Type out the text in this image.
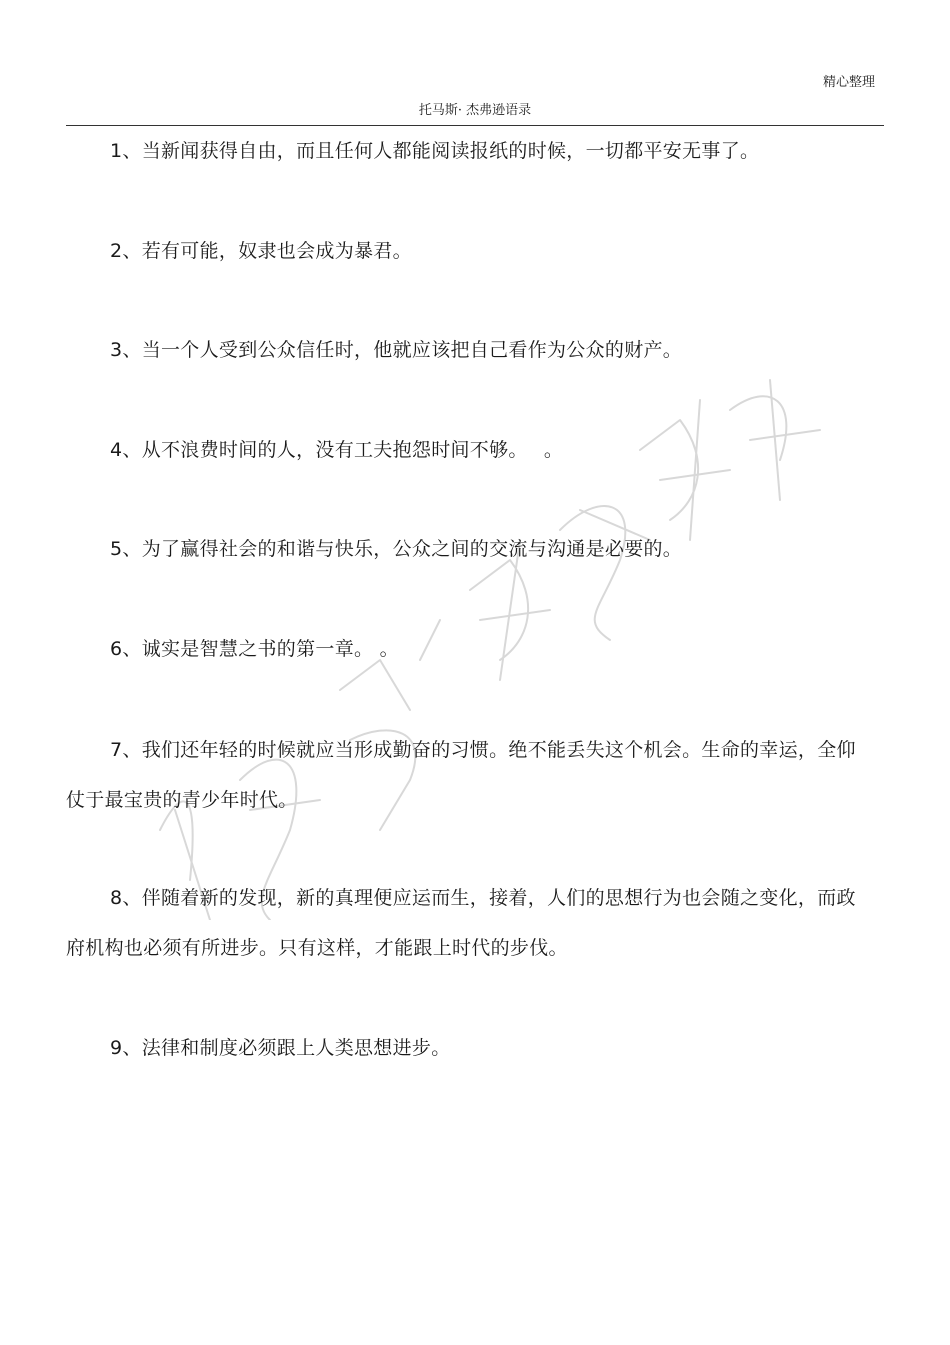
精心整理
托马斯· 杰弗逊语录
1、当新闻获得自由，而且任何人都能阅读报纸的时候，一切都平安无事了。
2、若有可能，奴隶也会成为暴君。
3、当一个人受到公众信任时，他就应该把自己看作为公众的财产。
4、从不浪费时间的人，没有工夫抱怨时间不够。　 。
5、为了赢得社会的和谐与快乐，公众之间的交流与沟通是必要的。
6、诚实是智慧之书的第一章。 。
7、我们还年轻的时候就应当形成勤奋的习惯。绝不能丢失这个机会。生命的幸运，全仰仗于最宝贵的青少年时代。
8、伴随着新的发现，新的真理便应运而生，接着，人们的思想行为也会随之变化，而政府机构也必须有所进步。只有这样，才能跟上时代的步伐。
9、法律和制度必须跟上人类思想进步。
